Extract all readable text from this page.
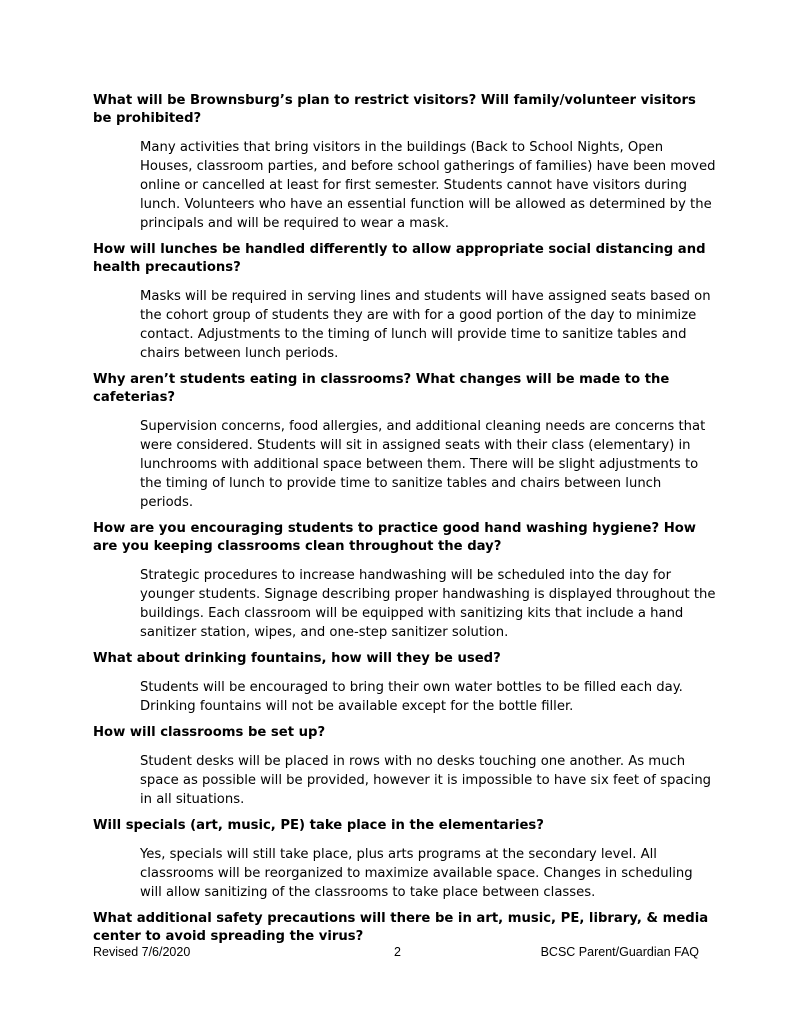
What will be Brownsburg’s plan to restrict visitors? Will family/volunteer visitors be prohibited?

Many activities that bring visitors in the buildings (Back to School Nights, Open Houses, classroom parties, and before school gatherings of families) have been moved online or cancelled at least for first semester. Students cannot have visitors during lunch. Volunteers who have an essential function will be allowed as determined by the principals and will be required to wear a mask.

How will lunches be handled differently to allow appropriate social distancing and health precautions?

Masks will be required in serving lines and students will have assigned seats based on the cohort group of students they are with for a good portion of the day to minimize contact. Adjustments to the timing of lunch will provide time to sanitize tables and chairs between lunch periods.

Why aren’t students eating in classrooms? What changes will be made to the cafeterias?

Supervision concerns, food allergies, and additional cleaning needs are concerns that were considered. Students will sit in assigned seats with their class (elementary) in lunchrooms with additional space between them. There will be slight adjustments to the timing of lunch to provide time to sanitize tables and chairs between lunch periods.

How are you encouraging students to practice good hand washing hygiene? How are you keeping classrooms clean throughout the day?

Strategic procedures to increase handwashing will be scheduled into the day for younger students. Signage describing proper handwashing is displayed throughout the buildings. Each classroom will be equipped with sanitizing kits that include a hand sanitizer station, wipes, and one-step sanitizer solution.

What about drinking fountains, how will they be used?

Students will be encouraged to bring their own water bottles to be filled each day. Drinking fountains will not be available except for the bottle filler.

How will classrooms be set up?

Student desks will be placed in rows with no desks touching one another. As much space as possible will be provided, however it is impossible to have six feet of spacing in all situations.

Will specials (art, music, PE) take place in the elementaries?

Yes, specials will still take place, plus arts programs at the secondary level. All classrooms will be reorganized to maximize available space. Changes in scheduling will allow sanitizing of the classrooms to take place between classes.

What additional safety precautions will there be in art, music, PE, library, & media center to avoid spreading the virus?

Revised 7/6/2020	2	BCSC Parent/Guardian FAQ
